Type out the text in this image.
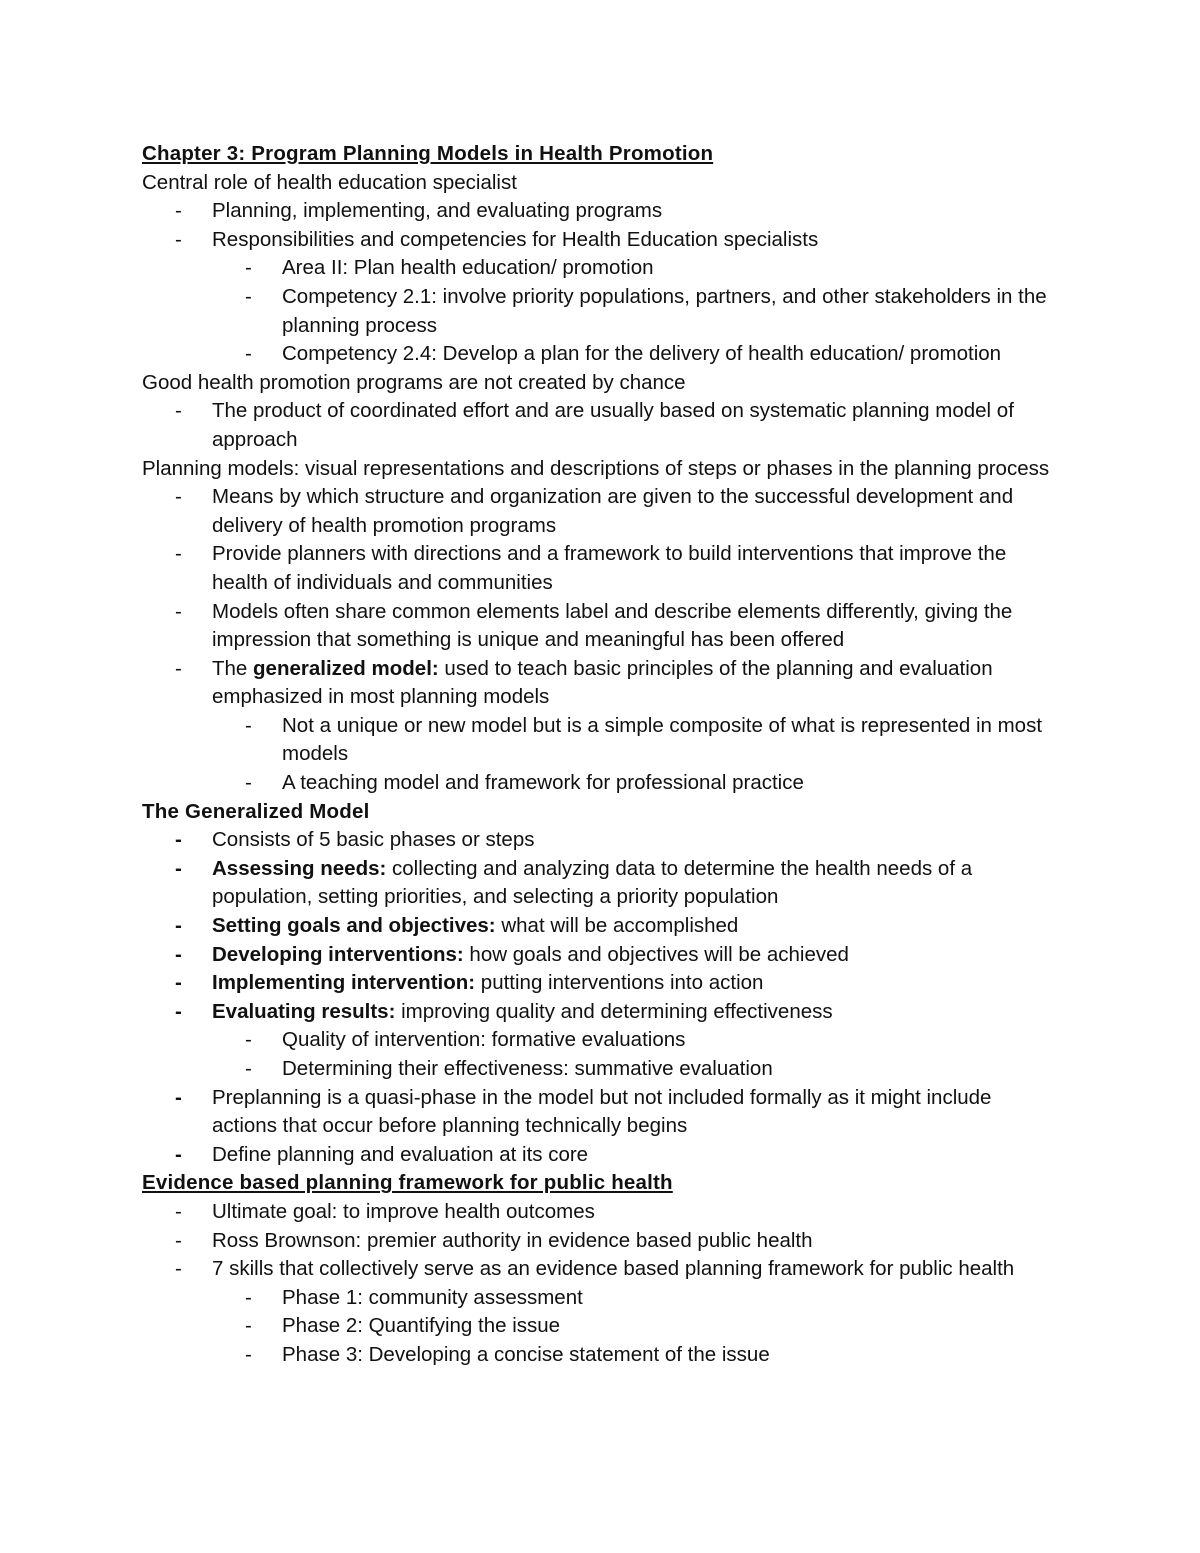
Chapter 3: Program Planning Models in Health Promotion

Central role of health education specialist

-	Planning, implementing, and evaluating programs

-	Responsibilities and competencies for Health Education specialists

-	Area II: Plan health education/ promotion

-	Competency 2.1: involve priority populations, partners, and other stakeholders in the planning process

-	Competency 2.4: Develop a plan for the delivery of health education/ promotion

Good health promotion programs are not created by chance

-	The product of coordinated effort and are usually based on systematic planning model of approach

Planning models: visual representations and descriptions of steps or phases in the planning process

-	Means by which structure and organization are given to the successful development and delivery of health promotion programs

-	Provide planners with directions and a framework to build interventions that improve the health of individuals and communities

-	Models often share common elements label and describe elements differently, giving the impression that something is unique and meaningful has been offered

-	The generalized model: used to teach basic principles of the planning and evaluation emphasized in most planning models

-	Not a unique or new model but is a simple composite of what is represented in most models

-	A teaching model and framework for professional practice

The Generalized Model

-	Consists of 5 basic phases or steps

-	Assessing needs: collecting and analyzing data to determine the health needs of a population, setting priorities, and selecting a priority population

-	Setting goals and objectives: what will be accomplished

-	Developing interventions: how goals and objectives will be achieved

-	Implementing intervention: putting interventions into action

-	Evaluating results: improving quality and determining effectiveness

-	Quality of intervention: formative evaluations

-	Determining their effectiveness: summative evaluation

-	Preplanning is a quasi-phase in the model but not included formally as it might include actions that occur before planning technically begins

-	Define planning and evaluation at its core

Evidence based planning framework for public health

-	Ultimate goal: to improve health outcomes

-	Ross Brownson: premier authority in evidence based public health

-	7 skills that collectively serve as an evidence based planning framework for public health

-	Phase 1: community assessment

-	Phase 2: Quantifying the issue

-	Phase 3: Developing a concise statement of the issue
